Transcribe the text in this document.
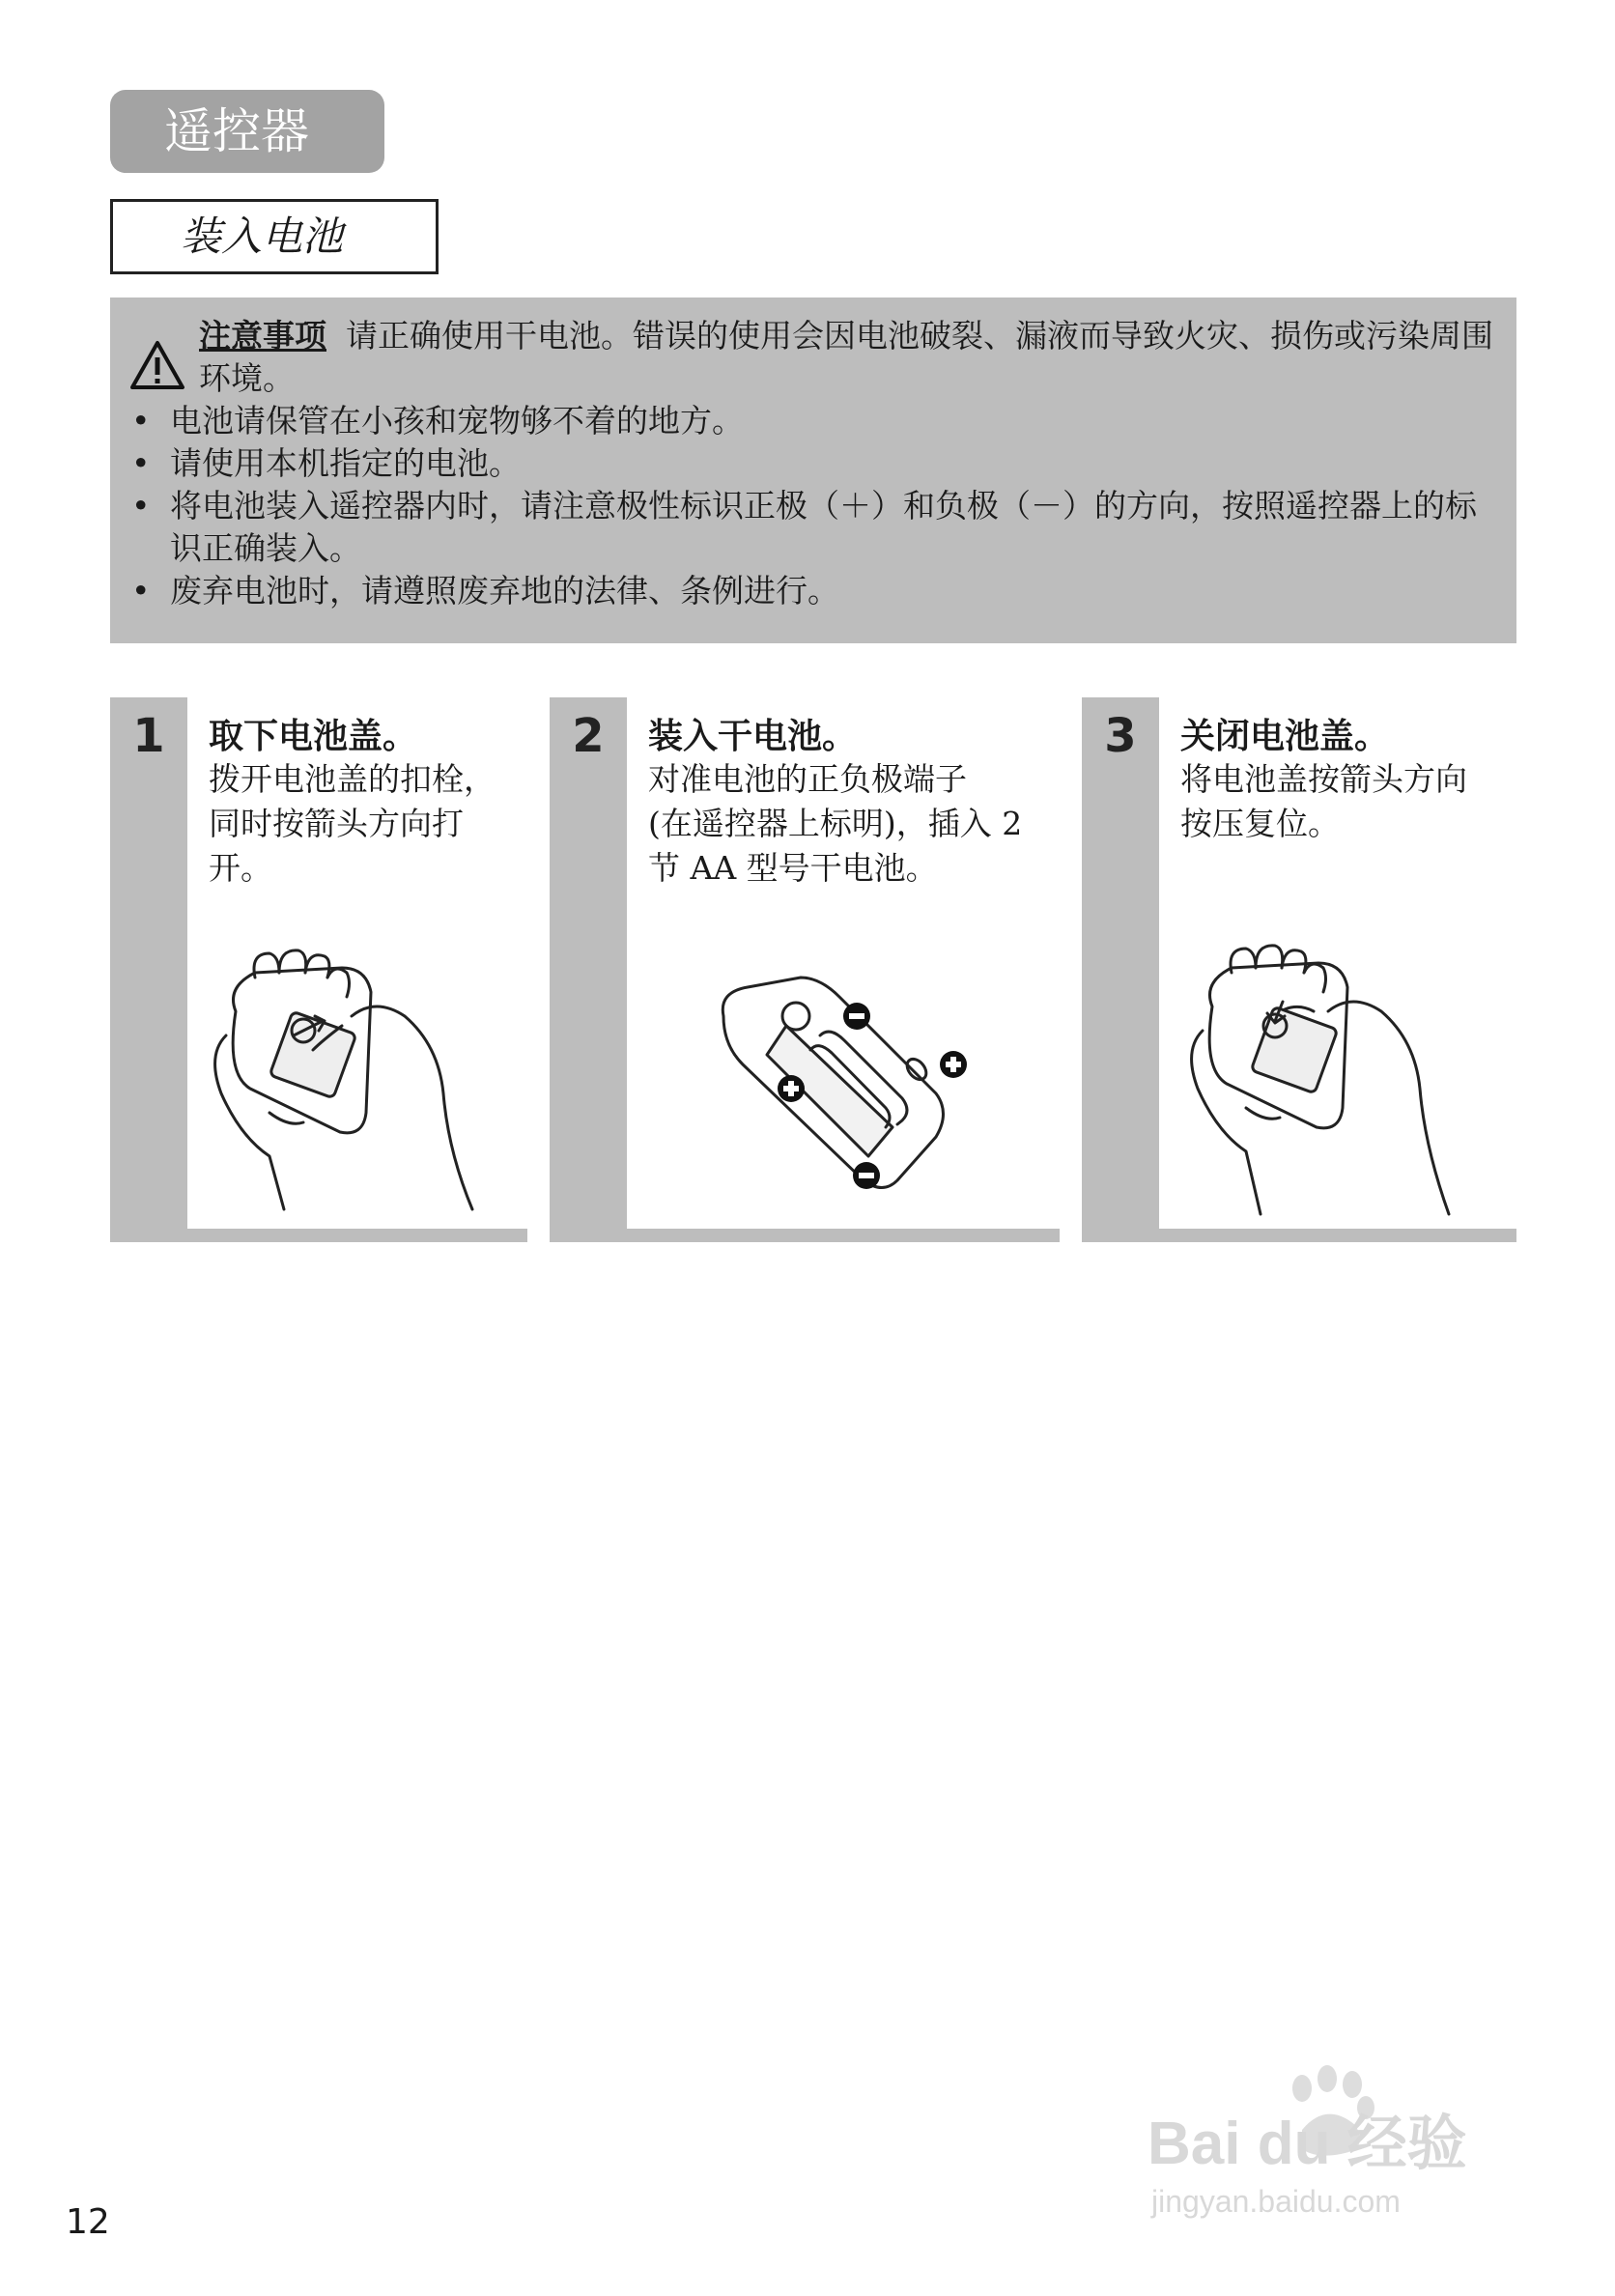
遥控器
装入电池
注意事项 请正确使用干电池。错误的使用会因电池破裂、漏液而导致火灾、损伤或污染周围环境。
• 电池请保管在小孩和宠物够不着的地方。
• 请使用本机指定的电池。
• 将电池装入遥控器内时，请注意极性标识正极（＋）和负极（－）的方向，按照遥控器上的标识正确装入。
• 废弃电池时，请遵照废弃地的法律、条例进行。
1	取下电池盖。
拨开电池盖的扣栓，
同时按箭头方向打
开。
2	装入干电池。
对准电池的正负极端子
(在遥控器上标明)，插入 2
节 AA 型号干电池。
3	关闭电池盖。
将电池盖按箭头方向
按压复位。
12
Bai du 经验
jingyan.baidu.com
